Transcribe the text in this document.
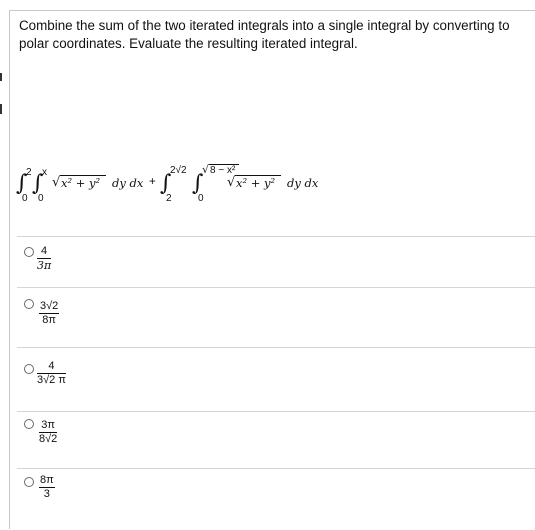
Combine the sum of the two iterated integrals into a single integral by converting to
polar coordinates. Evaluate the resulting iterated integral.
∫
2
0
∫
x
0
√ x² + y² dy dx + ∫
2√2
2
∫
√ 8 − x²
0
√ x² + y² dy dx
$\frac{4}{3\pi}$
$\frac{3√2}{8\pi}$
$\frac{4}{3√2 \pi}$
$\frac{3\pi}{8√2}$
$\frac{8\pi}{3}$
